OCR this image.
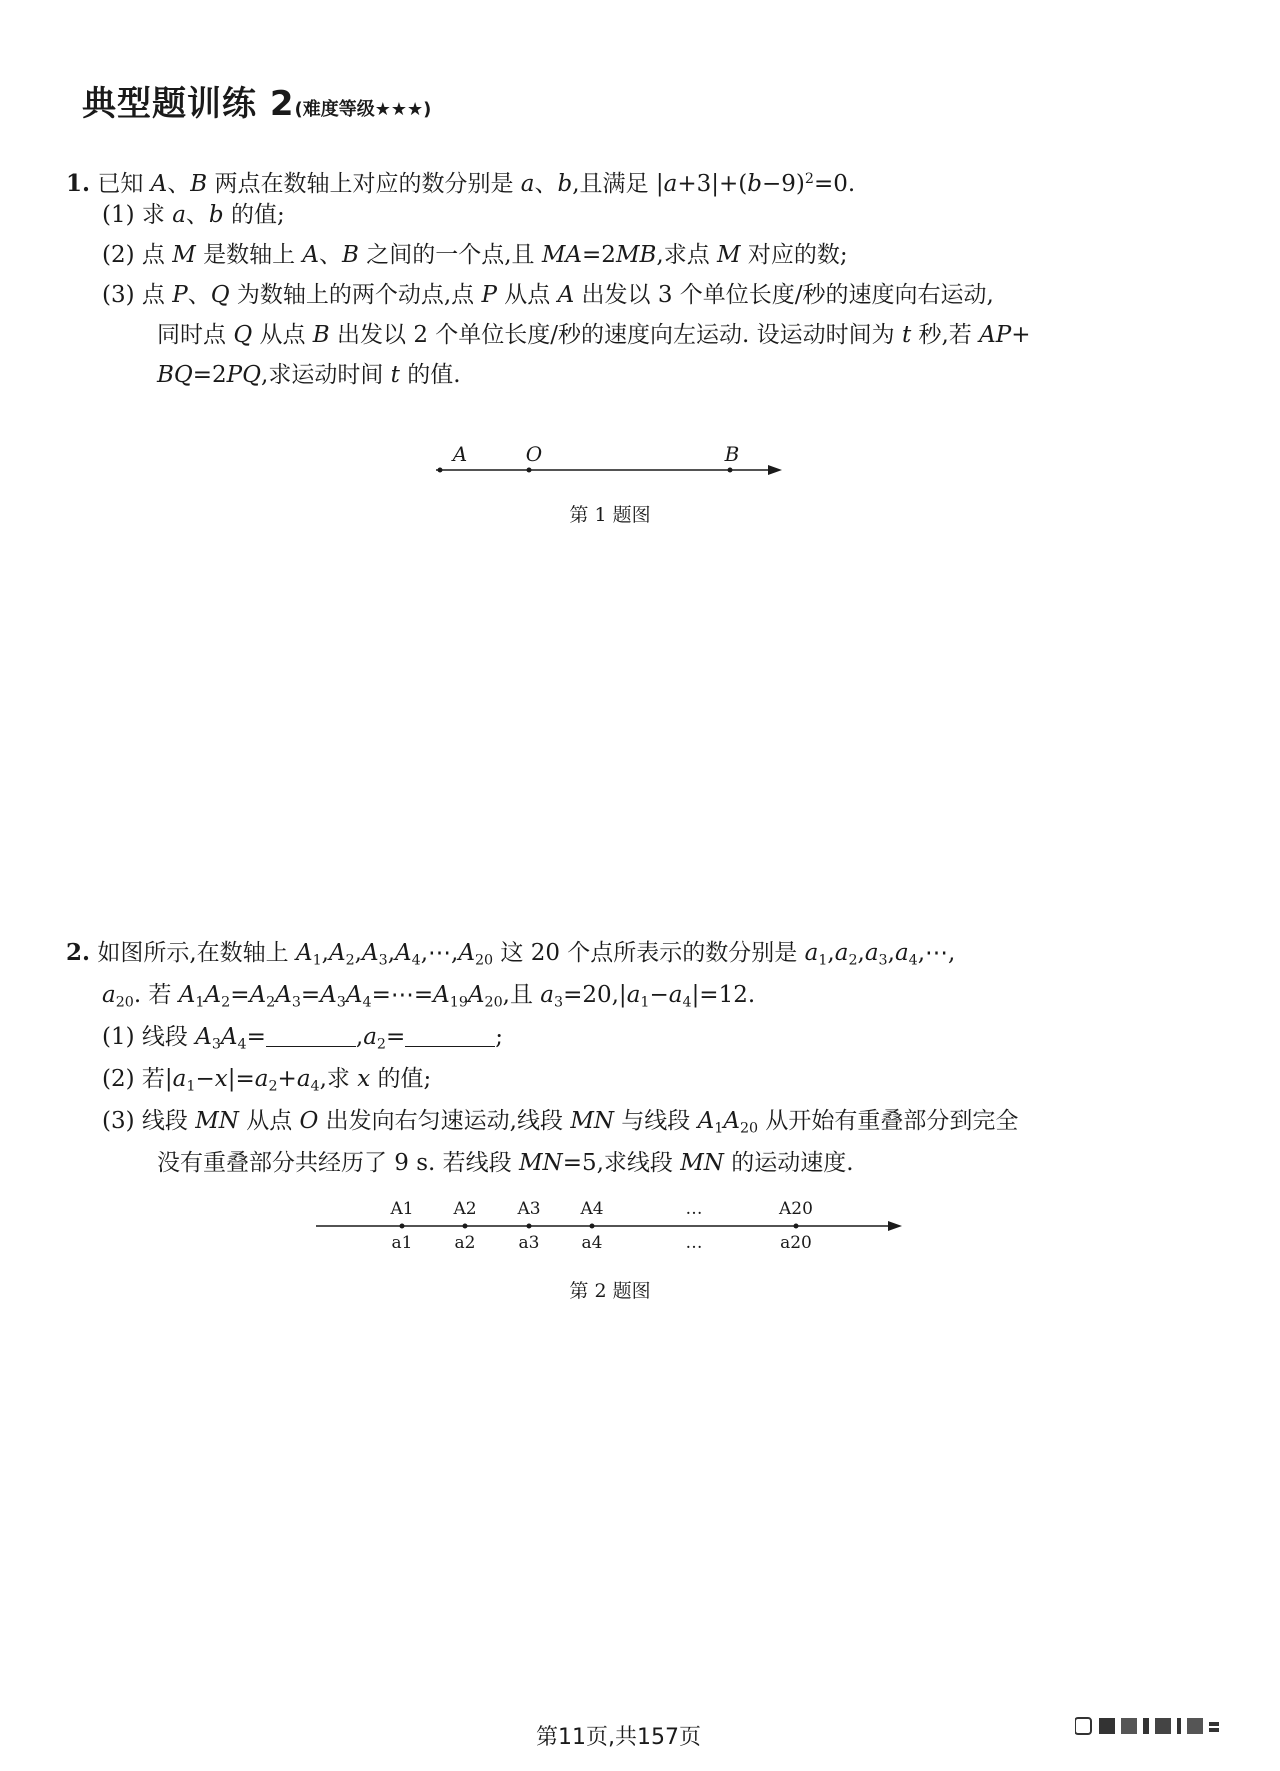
典型题训练 2(难度等级★★★)
1. 已知 A、B 两点在数轴上对应的数分别是 a、b,且满足 $|a+3|+(b-9)^2=0$.
(1) 求 a、b 的值;
(2) 点 M 是数轴上 A、B 之间的一个点,且 MA=2MB,求点 M 对应的数;
(3) 点 P、Q 为数轴上的两个动点,点 P 从点 A 出发以 3 个单位长度/秒的速度向右运动,
同时点 Q 从点 B 出发以 2 个单位长度/秒的速度向左运动. 设运动时间为 t 秒,若 AP+
BQ=2PQ,求运动时间 t 的值.
A	O	B
第 1 题图
2. 如图所示,在数轴上 $A_1,A_2,A_3,A_4,\cdots,A_{20}$ 这 20 个点所表示的数分别是 $a_1,a_2,a_3,a_4,\cdots$,
$a_{20}$. 若 $A_1A_2=A_2A_3=A_3A_4=\cdots=A_{19}A_{20}$,且 $a_3=20,|a_1-a_4|=12$.
(1) 线段 $A_3A_4=$	$,a_2=$	;
(2) 若$|a_1-x|=a_2+a_4$,求 x 的值;
(3) 线段 MN 从点 O 出发向右匀速运动,线段 MN 与线段 $A_1A_{20}$ 从开始有重叠部分到完全
没有重叠部分共经历了 9 s. 若线段 MN=5,求线段 MN 的运动速度.
A1 A2 A3 A4	…	A20
a1 a2	a3 a4	…	a20
第 2 题图
第11页,共157页
